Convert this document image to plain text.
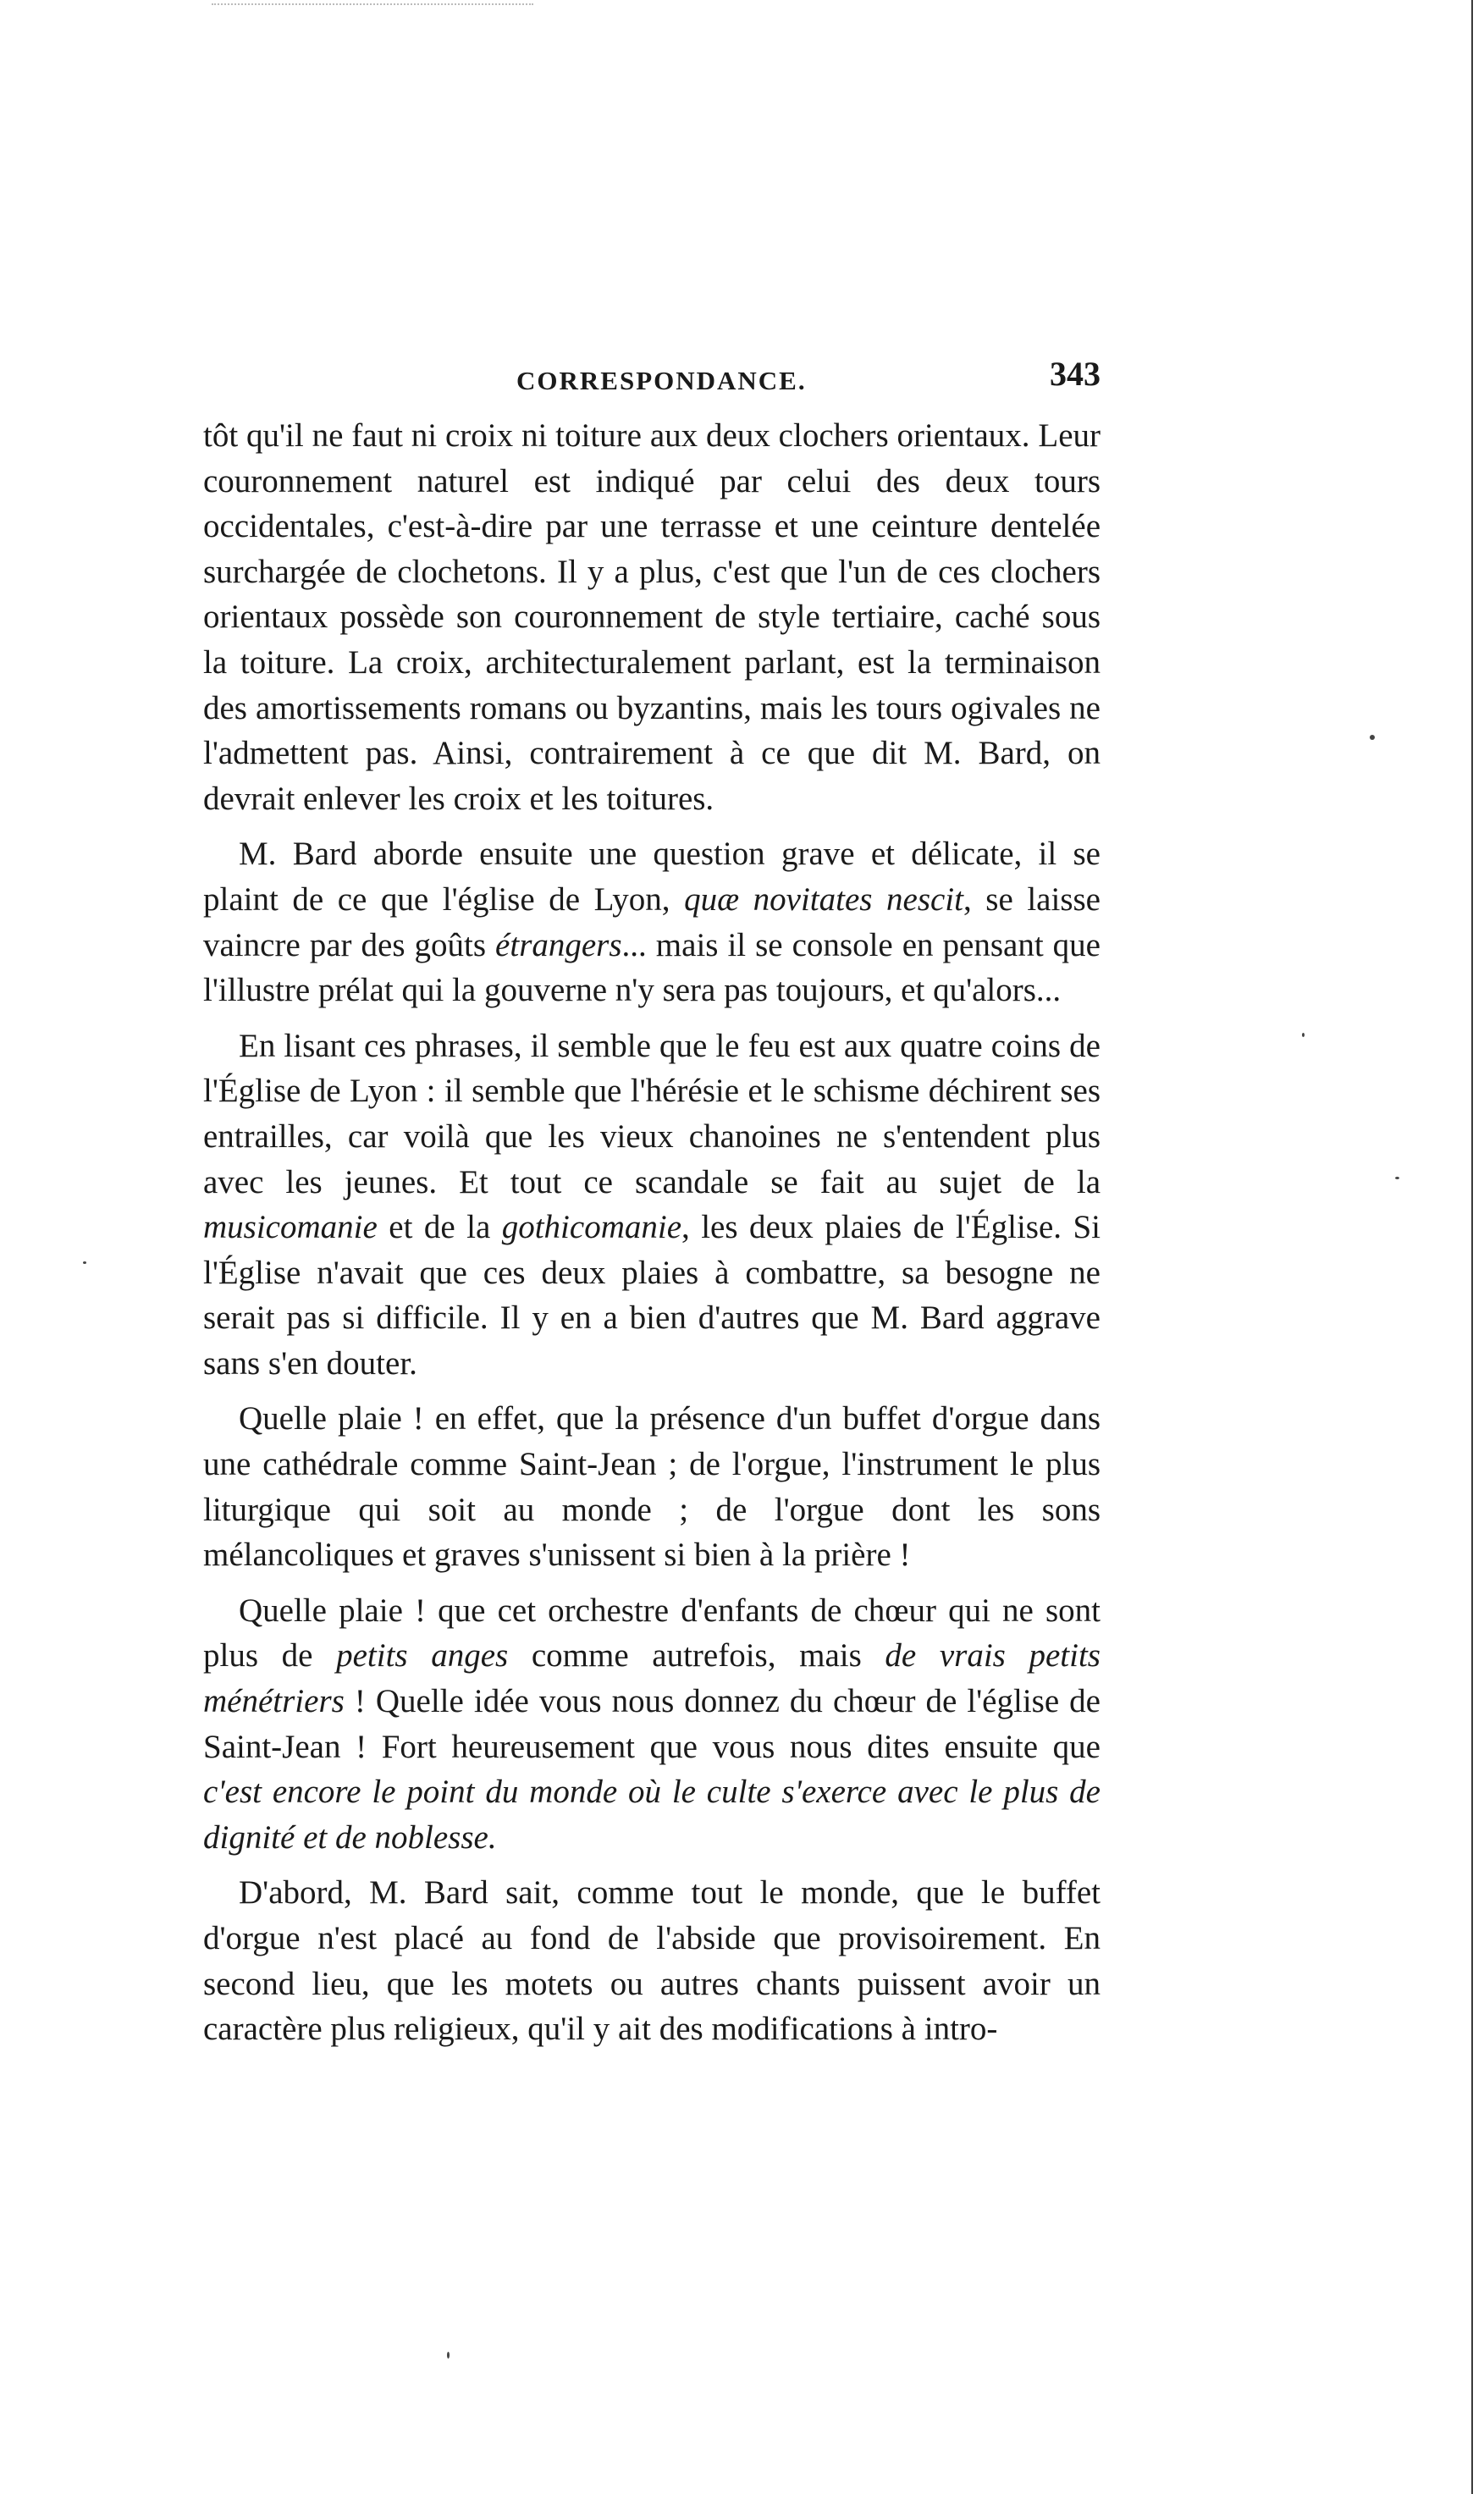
CORRESPONDANCE.	343

tôt qu'il ne faut ni croix ni toiture aux deux clochers orientaux. Leur couronnement naturel est indiqué par celui des deux tours occidentales, c'est-à-dire par une terrasse et une ceinture dentelée surchargée de clochetons. Il y a plus, c'est que l'un de ces clochers orientaux possède son couronnement de style tertiaire, caché sous la toiture. La croix, architecturalement parlant, est la terminaison des amortissements romans ou byzantins, mais les tours ogivales ne l'admettent pas. Ainsi, contrairement à ce que dit M. Bard, on devrait enlever les croix et les toitures.

M. Bard aborde ensuite une question grave et délicate, il se plaint de ce que l'église de Lyon, quæ novitates nescit, se laisse vaincre par des goûts étrangers... mais il se console en pensant que l'illustre prélat qui la gouverne n'y sera pas toujours, et qu'alors...

En lisant ces phrases, il semble que le feu est aux quatre coins de l'Église de Lyon : il semble que l'hérésie et le schisme déchirent ses entrailles, car voilà que les vieux chanoines ne s'entendent plus avec les jeunes. Et tout ce scandale se fait au sujet de la musicomanie et de la gothicomanie, les deux plaies de l'Église. Si l'Église n'avait que ces deux plaies à combattre, sa besogne ne serait pas si difficile. Il y en a bien d'autres que M. Bard aggrave sans s'en douter.

Quelle plaie ! en effet, que la présence d'un buffet d'orgue dans une cathédrale comme Saint-Jean ; de l'orgue, l'instrument le plus liturgique qui soit au monde ; de l'orgue dont les sons mélancoliques et graves s'unissent si bien à la prière !

Quelle plaie ! que cet orchestre d'enfants de chœur qui ne sont plus de petits anges comme autrefois, mais de vrais petits ménétriers ! Quelle idée vous nous donnez du chœur de l'église de Saint-Jean ! Fort heureusement que vous nous dites ensuite que c'est encore le point du monde où le culte s'exerce avec le plus de dignité et de noblesse.

D'abord, M. Bard sait, comme tout le monde, que le buffet d'orgue n'est placé au fond de l'abside que provisoirement. En second lieu, que les motets ou autres chants puissent avoir un caractère plus religieux, qu'il y ait des modifications à intro-
